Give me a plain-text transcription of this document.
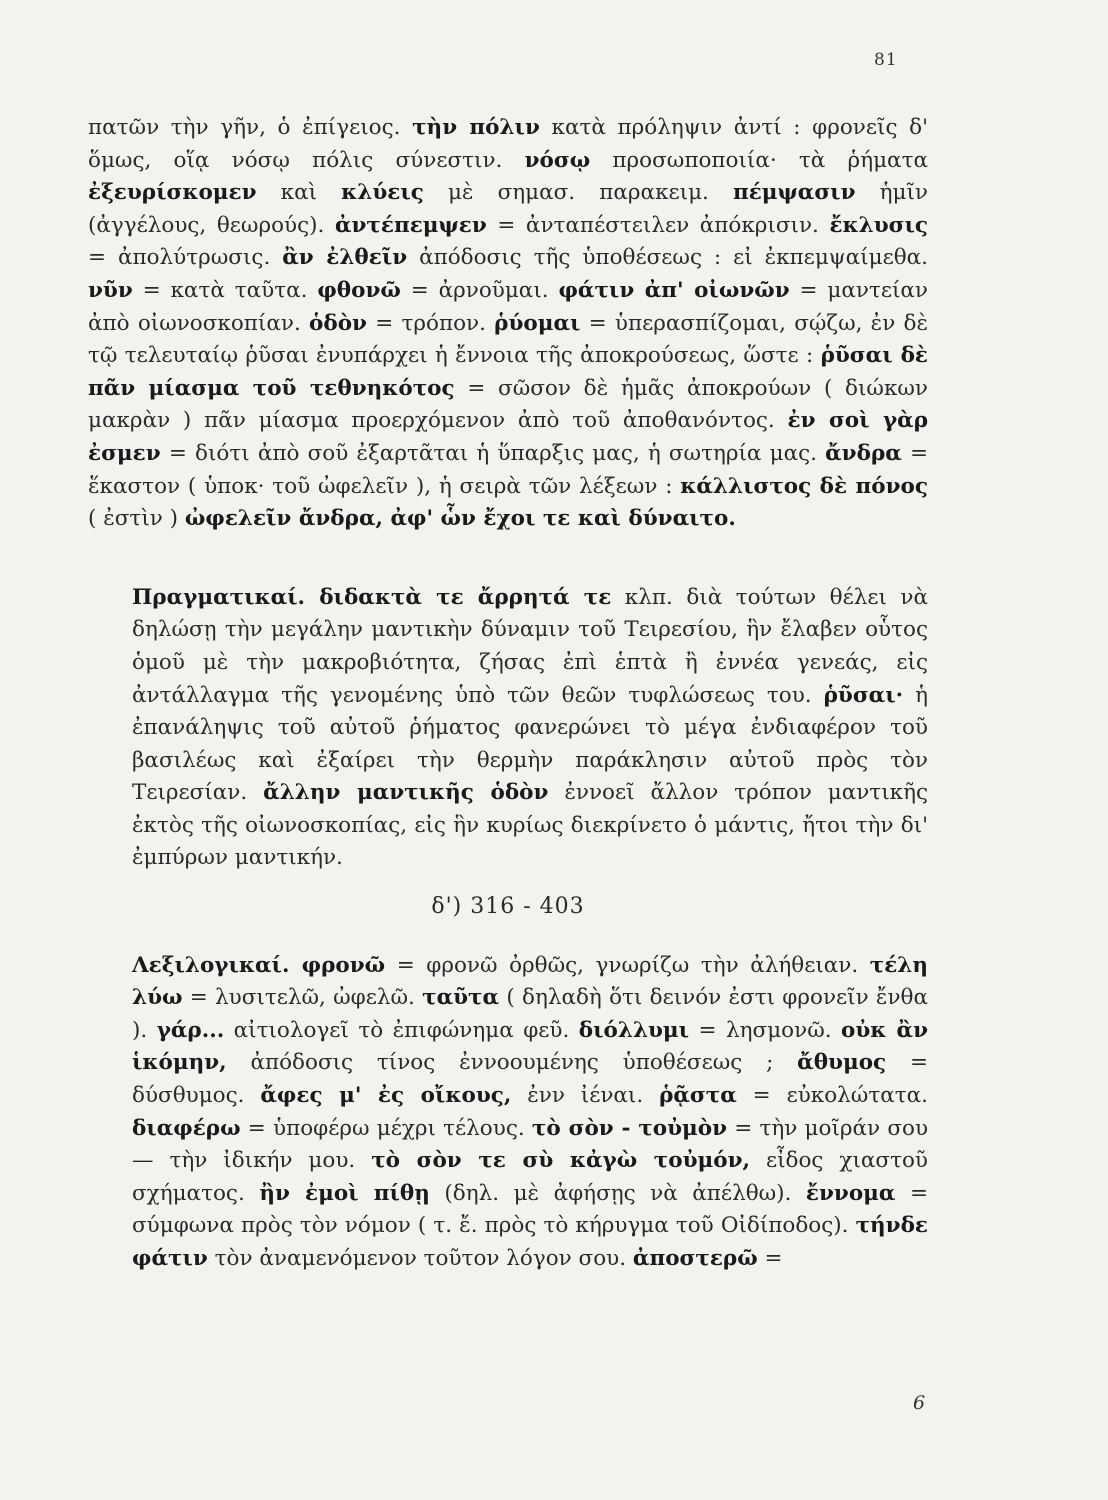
81

πατῶν τὴν γῆν, ὁ ἐπίγειος. τὴν πόλιν κατὰ πρόληψιν ἀντί : φρονεῖς δ' ὅμως, οἵᾳ νόσῳ πόλις σύνεστιν. νόσῳ προσωποποιία· τὰ ῥήματα ἐξευρίσκομεν καὶ κλύεις μὲ σημασ. παρακειμ. πέμψασιν ἡμῖν (ἀγγέλους, θεωρούς). ἀντέπεμψεν = ἀνταπέστειλεν ἀπόκρισιν. ἔκλυσις = ἀπολύτρωσις. ἂν ἐλθεῖν ἀπόδοσις τῆς ὑποθέσεως : εἰ ἐκπεμψαίμεθα. νῦν = κατὰ ταῦτα. φθονῶ = ἀρνοῦμαι. φάτιν ἀπ' οἰωνῶν = μαντείαν ἀπὸ οἰωνοσκοπίαν. ὁδὸν = τρόπον. ῥύομαι = ὑπερασπίζομαι, σῴζω, ἐν δὲ τῷ τελευταίῳ ῥῦσαι ἐνυπάρχει ἡ ἔννοια τῆς ἀποκρούσεως, ὥστε : ῥῦσαι δὲ πᾶν μίασμα τοῦ τεθνηκότος = σῶσον δὲ ἡμᾶς ἀποκρούων ( διώκων μακρὰν ) πᾶν μίασμα προερχόμενον ἀπὸ τοῦ ἀποθανόντος. ἐν σοὶ γὰρ ἐσμεν = διότι ἀπὸ σοῦ ἐξαρτᾶται ἡ ὕπαρξις μας, ἡ σωτηρία μας. ἄνδρα = ἕκαστον ( ὑποκ· τοῦ ὠφελεῖν ), ἡ σειρὰ τῶν λέξεων : κάλλιστος δὲ πόνος ( ἐστὶν ) ὠφελεῖν ἄνδρα, ἀφ' ὧν ἔχοι τε καὶ δύναιτο.

Πραγματικαί. διδακτὰ τε ἄρρητά τε κλπ. διὰ τούτων θέλει νὰ δηλώσῃ τὴν μεγάλην μαντικὴν δύναμιν τοῦ Τειρεσίου, ἣν ἔλαβεν οὗτος ὁμοῦ μὲ τὴν μακροβιότητα, ζήσας ἐπὶ ἑπτὰ ἢ ἐννέα γενεάς, εἰς ἀντάλλαγμα τῆς γενομένης ὑπὸ τῶν θεῶν τυφλώσεως του. ῥῦσαι· ἡ ἐπανάληψις τοῦ αὐτοῦ ῥήματος φανερώνει τὸ μέγα ἐνδιαφέρον τοῦ βασιλέως καὶ ἐξαίρει τὴν θερμὴν παράκλησιν αὐτοῦ πρὸς τὸν Τειρεσίαν. ἄλλην μαντικῆς ὁδὸν ἐννοεῖ ἄλλον τρόπον μαντικῆς ἐκτὸς τῆς οἰωνοσκοπίας, εἰς ἣν κυρίως διεκρίνετο ὁ μάντις, ἤτοι τὴν δι' ἐμπύρων μαντικήν.

δ') 316 - 403

Λεξιλογικαί. φρονῶ = φρονῶ ὀρθῶς, γνωρίζω τὴν ἀλήθειαν. τέλη λύω = λυσιτελῶ, ὠφελῶ. ταῦτα ( δηλαδὴ ὅτι δεινόν ἐστι φρονεῖν ἔνθα ). γάρ... αἰτιολογεῖ τὸ ἐπιφώνημα φεῦ. διόλλυμι = λησμονῶ. οὐκ ἂν ἱκόμην, ἀπόδοσις τίνος ἐννοουμένης ὑποθέσεως ; ἄθυμος = δύσθυμος. ἄφες μ' ἐς οἴκους, ἐνν ἰέναι. ῥᾷστα = εὐκολώτατα. διαφέρω = ὑποφέρω μέχρι τέλους. τὸ σὸν - τοὐμὸν = τὴν μοῖράν σου — τὴν ἰδικήν μου. τὸ σὸν τε σὺ κἀγὼ τοὐμόν, εἶδος χιαστοῦ σχήματος. ἢν ἐμοὶ πίθῃ (δηλ. μὲ ἀφήσῃς νὰ ἀπέλθω). ἔννομα = σύμφωνα πρὸς τὸν νόμον ( τ. ἔ. πρὸς τὸ κήρυγμα τοῦ Οἰδίποδος). τήνδε φάτιν τὸν ἀναμενόμενον τοῦτον λόγον σου. ἀποστερῶ =

6
